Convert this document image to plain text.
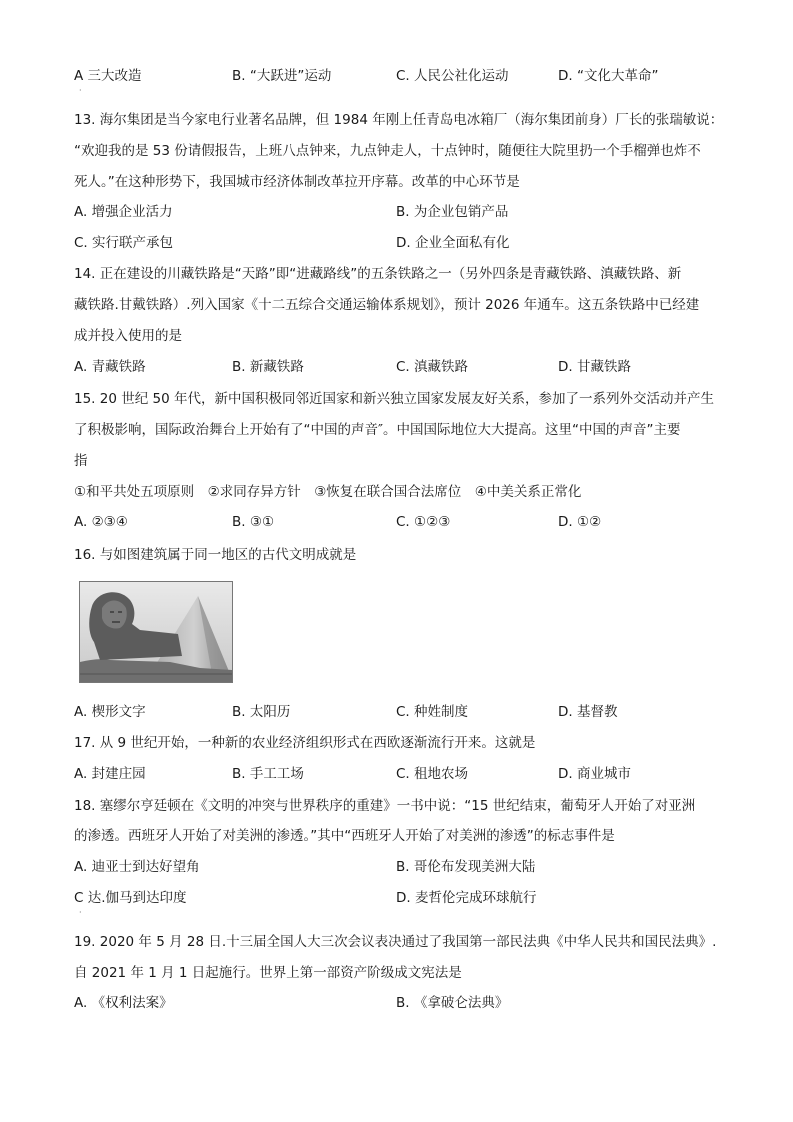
A 三大改造	B. “大跃进”运动	C. 人民公社化运动	D. “文化大革命”
·
13. 海尔集团是当今家电行业著名品牌，但 1984 年刚上任青岛电冰箱厂（海尔集团前身）厂长的张瑞敏说：
“欢迎我的是 53 份请假报告，上班八点钟来，九点钟走人，十点钟时，随便往大院里扔一个手榴弹也炸不
死人。”在这种形势下，我国城市经济体制改革拉开序幕。改革的中心环节是
A. 增强企业活力	B. 为企业包销产品
C. 实行联产承包	D. 企业全面私有化
14. 正在建设的川藏铁路是“天路”即“进藏路线”的五条铁路之一（另外四条是青藏铁路、滇藏铁路、新
藏铁路.甘戴铁路）.列入国家《十二五综合交通运输体系规划》，预计 2026 年通车。这五条铁路中已经建
成并投入使用的是
A. 青藏铁路	B. 新藏铁路	C. 滇藏铁路	D. 甘藏铁路
15. 20 世纪 50 年代，新中国积极同邻近国家和新兴独立国家发展友好关系，参加了一系列外交活动并产生
了积极影响，国际政治舞台上开始有了“中国的声音″。中国国际地位大大提高。这里“中国的声音”主要
指
①和平共处五项原则　②求同存异方针　③恢复在联合国合法席位　④中美关系正常化
A. ②③④	B. ③①	C. ①②③	D. ①②
16. 与如图建筑属于同一地区的古代文明成就是
A. 楔形文字	B. 太阳历	C. 种姓制度	D. 基督教
17. 从 9 世纪开始，一种新的农业经济组织形式在西欧逐渐流行开来。这就是
A. 封建庄园	B. 手工工场	C. 租地农场	D. 商业城市
18. 塞缪尔亨廷顿在《文明的冲突与世界秩序的重建》一书中说：“15 世纪结束，葡萄牙人开始了对亚洲
的渗透。西班牙人开始了对美洲的渗透。”其中“西班牙人开始了对美洲的渗透”的标志事件是
A. 迪亚士到达好望角	B. 哥伦布发现美洲大陆
C 达.伽马到达印度	D. 麦哲伦完成环球航行
·
19. 2020 年 5 月 28 日.十三届全国人大三次会议表决通过了我国第一部民法典《中华人民共和国民法典》.
自 2021 年 1 月 1 日起施行。世界上第一部资产阶级成文宪法是
A. 《权利法案》	B. 《拿破仑法典》
